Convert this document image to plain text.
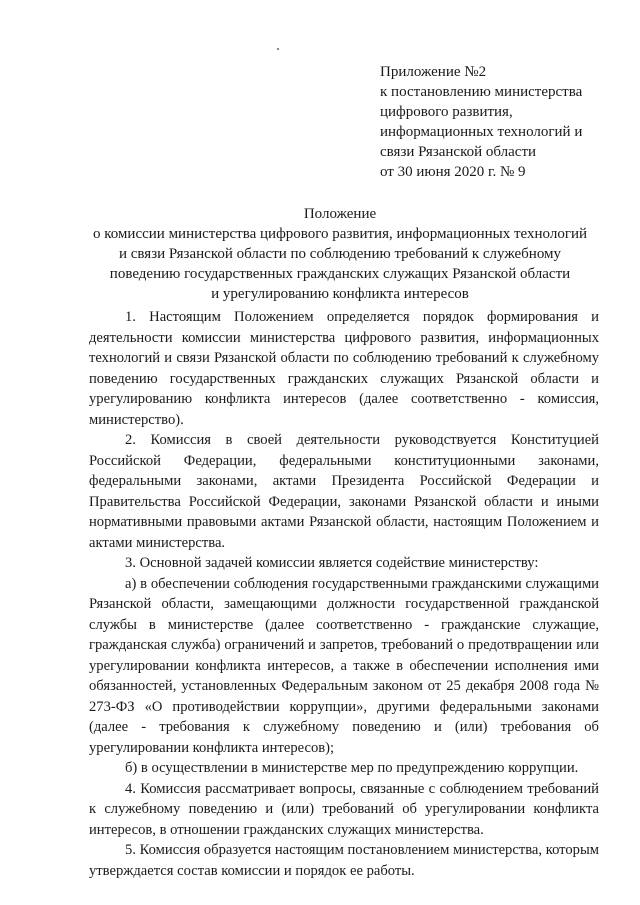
Приложение №2
к постановлению министерства
цифрового развития,
информационных технологий и
связи Рязанской области
от 30 июня 2020 г. № 9
Положение
о комиссии министерства цифрового развития, информационных технологий
и связи Рязанской области по соблюдению требований к служебному
поведению государственных гражданских служащих Рязанской области
и урегулированию конфликта интересов

1. Настоящим Положением определяется порядок формирования и деятельности комиссии министерства цифрового развития, информационных технологий и связи Рязанской области по соблюдению требований к служебному поведению государственных гражданских служащих Рязанской области и урегулированию конфликта интересов (далее соответственно - комиссия, министерство).

2. Комиссия в своей деятельности руководствуется Конституцией Российской Федерации, федеральными конституционными законами, федеральными законами, актами Президента Российской Федерации и Правительства Российской Федерации, законами Рязанской области и иными нормативными правовыми актами Рязанской области, настоящим Положением и актами министерства.

3. Основной задачей комиссии является содействие министерству:

а) в обеспечении соблюдения государственными гражданскими служащими Рязанской области, замещающими должности государственной гражданской службы в министерстве (далее соответственно - гражданские служащие, гражданская служба) ограничений и запретов, требований о предотвращении или урегулировании конфликта интересов, а также в обеспечении исполнения ими обязанностей, установленных Федеральным законом от 25 декабря 2008 года № 273-ФЗ «О противодействии коррупции», другими федеральными законами (далее - требования к служебному поведению и (или) требования об урегулировании конфликта интересов);

б) в осуществлении в министерстве мер по предупреждению коррупции.

4. Комиссия рассматривает вопросы, связанные с соблюдением требований к служебному поведению и (или) требований об урегулировании конфликта интересов, в отношении гражданских служащих министерства.

5. Комиссия образуется настоящим постановлением министерства, которым утверждается состав комиссии и порядок ее работы.
